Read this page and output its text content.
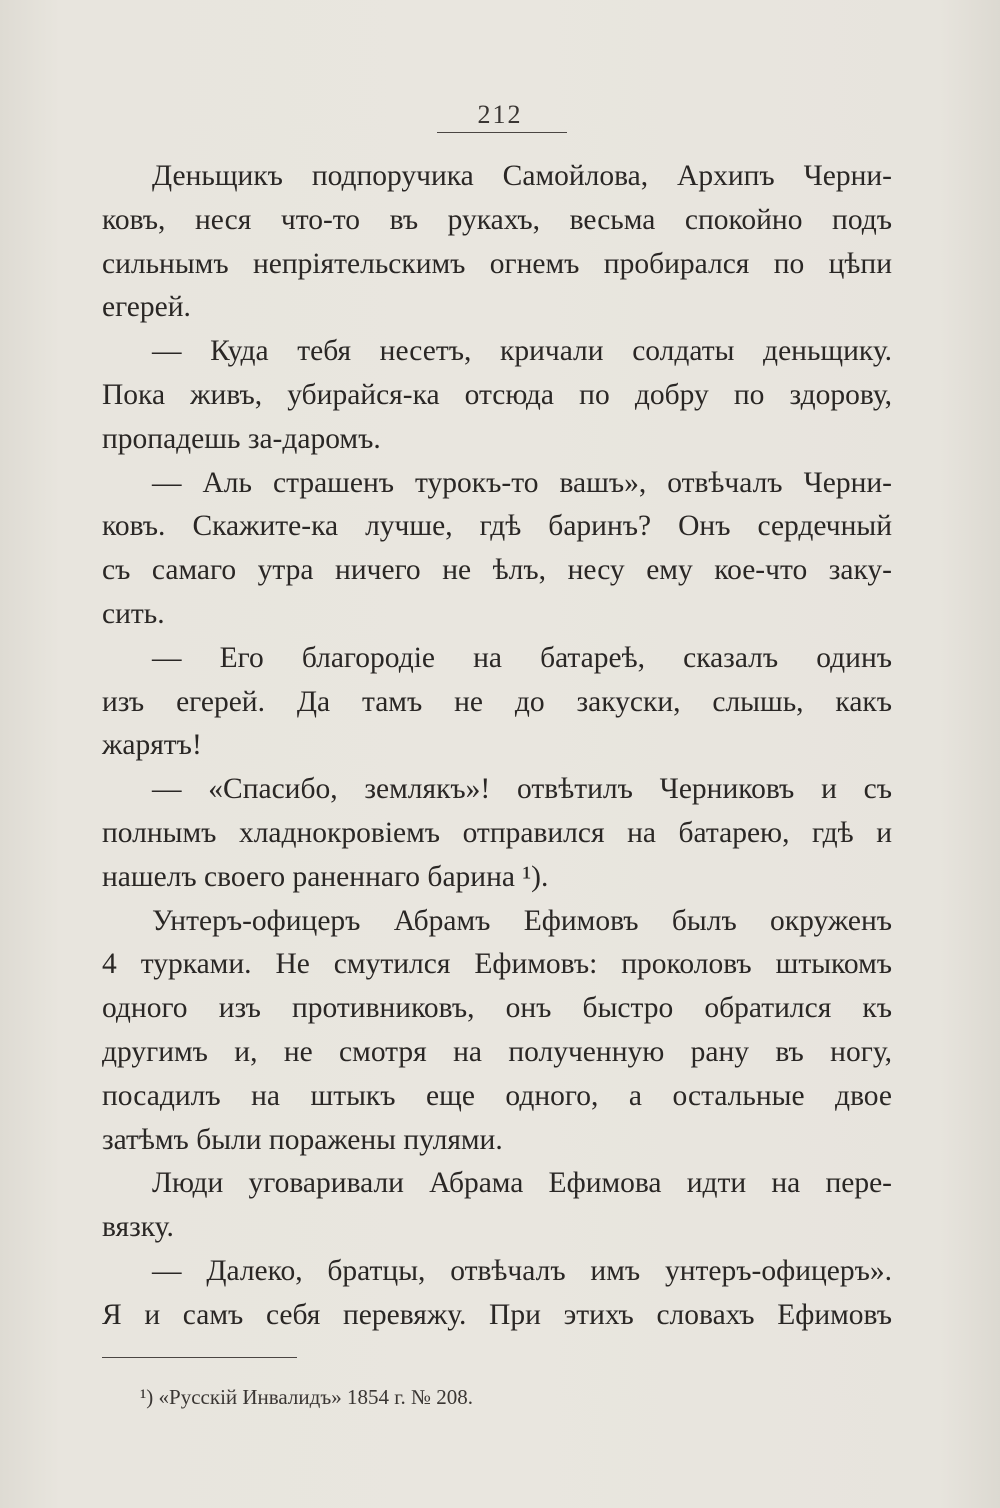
212
Деньщикъ подпоручика Самойлова, Архипъ Черни-
ковъ, неся что-то въ рукахъ, весьма спокойно подъ
сильнымъ непріятельскимъ огнемъ пробирался по цѣпи
егерей.
— Куда тебя несетъ, кричали солдаты деньщику.
Пока живъ, убирайся-ка отсюда по добру по здорову,
пропадешь за-даромъ.
— Аль страшенъ турокъ-то вашъ», отвѣчалъ Черни-
ковъ. Скажите-ка лучше, гдѣ баринъ? Онъ сердечный
съ самаго утра ничего не ѣлъ, несу ему кое-что заку-
сить.
— Его благородіе на батареѣ, сказалъ одинъ
изъ егерей. Да тамъ не до закуски, слышь, какъ
жарятъ!
— «Спасибо, землякъ»! отвѣтилъ Черниковъ и съ
полнымъ хладнокровіемъ отправился на батарею, гдѣ и
нашелъ своего раненнаго барина ¹).
Унтеръ-офицеръ Абрамъ Ефимовъ былъ окруженъ
4 турками. Не смутился Ефимовъ: проколовъ штыкомъ
одного изъ противниковъ, онъ быстро обратился къ
другимъ и, не смотря на полученную рану въ ногу,
посадилъ на штыкъ еще одного, а остальные двое
затѣмъ были поражены пулями.
Люди уговаривали Абрама Ефимова идти на пере-
вязку.
— Далеко, братцы, отвѣчалъ имъ унтеръ-офицеръ».
Я и самъ себя перевяжу. При этихъ словахъ Ефимовъ
¹) «Русскій Инвалидъ» 1854 г. № 208.
